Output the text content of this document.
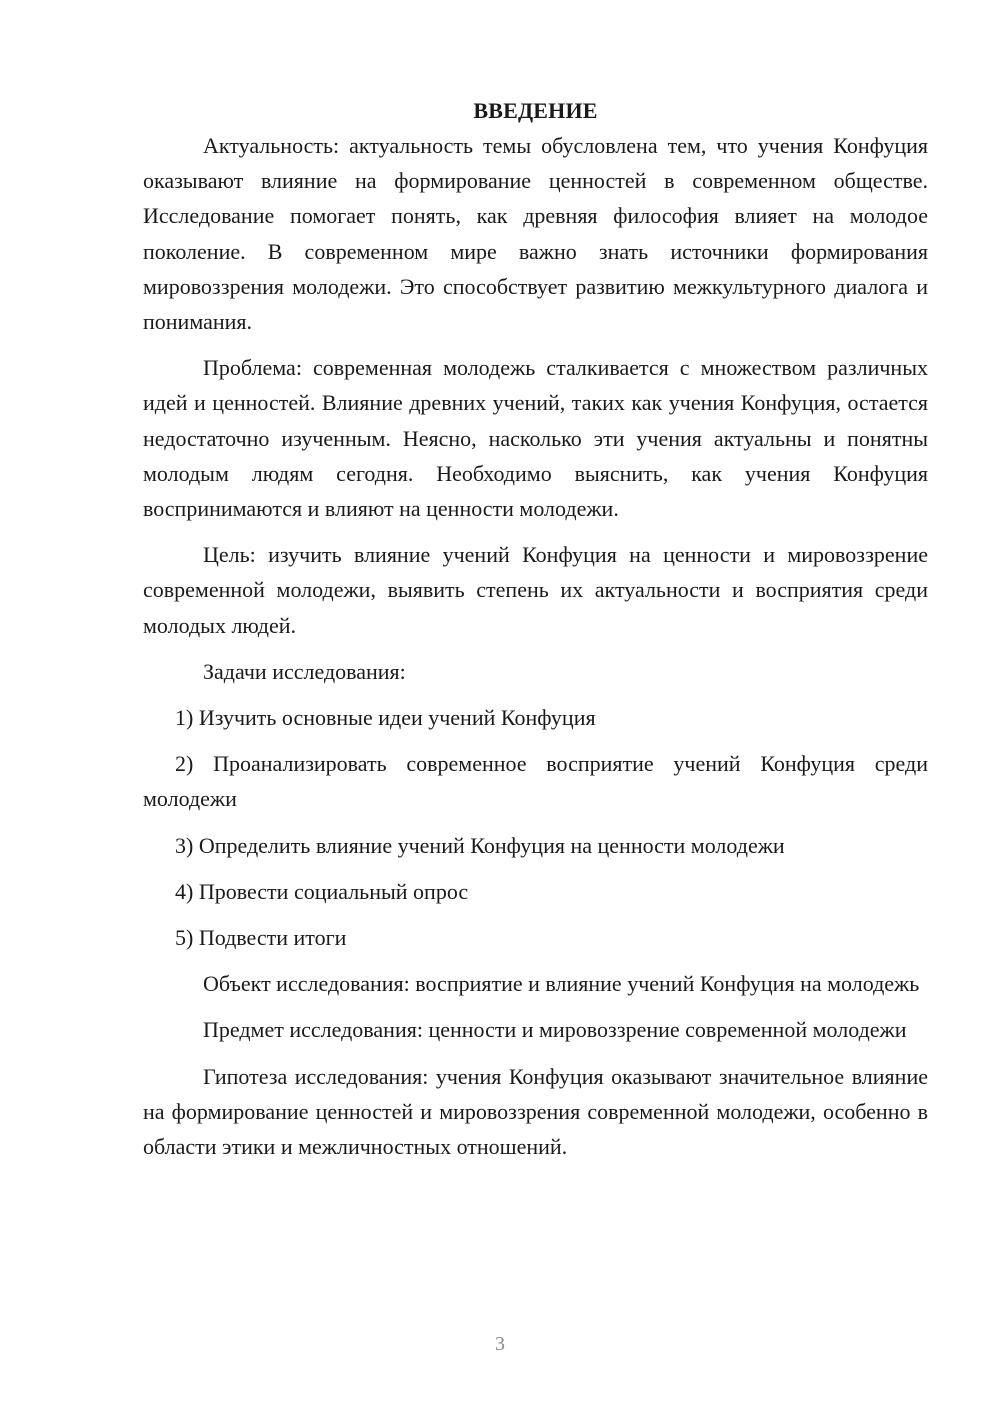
ВВЕДЕНИЕ

Актуальность: актуальность темы обусловлена тем, что учения Конфуция оказывают влияние на формирование ценностей в современном обществе. Исследование помогает понять, как древняя философия влияет на молодое поколение. В современном мире важно знать источники формирования мировоззрения молодежи. Это способствует развитию межкультурного диалога и понимания.

Проблема: современная молодежь сталкивается с множеством различных идей и ценностей. Влияние древних учений, таких как учения Конфуция, остается недостаточно изученным. Неясно, насколько эти учения актуальны и понятны молодым людям сегодня. Необходимо выяснить, как учения Конфуция воспринимаются и влияют на ценности молодежи.

Цель: изучить влияние учений Конфуция на ценности и мировоззрение современной молодежи, выявить степень их актуальности и восприятия среди молодых людей.

Задачи исследования:

1) Изучить основные идеи учений Конфуция

2) Проанализировать современное восприятие учений Конфуция среди молодежи

3) Определить влияние учений Конфуция на ценности молодежи

4) Провести социальный опрос

5) Подвести итоги

Объект исследования: восприятие и влияние учений Конфуция на молодежь

Предмет исследования: ценности и мировоззрение современной молодежи

Гипотеза исследования: учения Конфуция оказывают значительное влияние на формирование ценностей и мировоззрения современной молодежи, особенно в области этики и межличностных отношений.

3
